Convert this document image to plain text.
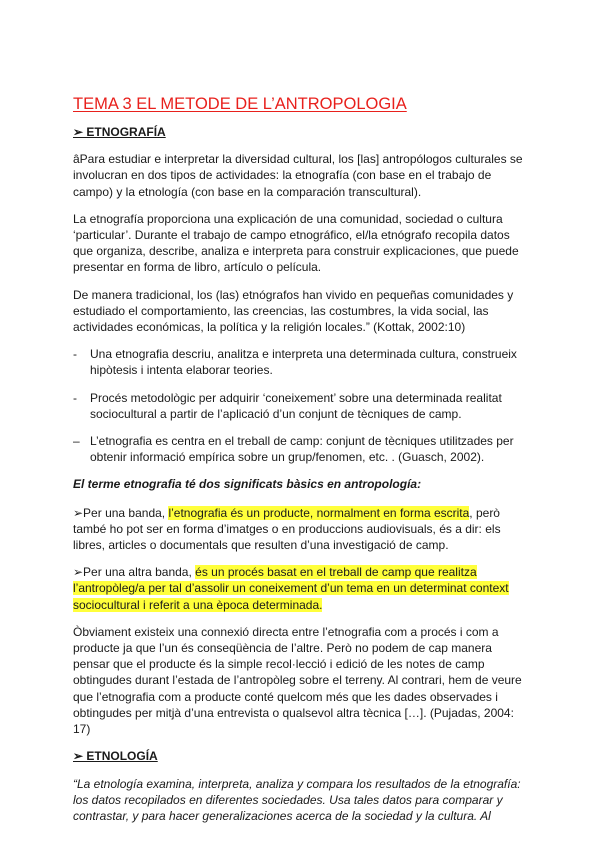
TEMA 3 EL METODE DE L’ANTROPOLOGIA
➢ ETNOGRAFÍA

âPara estudiar e interpretar la diversidad cultural, los [las] antropólogos culturales se involucran en dos tipos de actividades: la etnografía (con base en el trabajo de campo) y la etnología (con base en la comparación transcultural).

La etnografía proporciona una explicación de una comunidad, sociedad o cultura ‘particular’. Durante el trabajo de campo etnográfico, el/la etnógrafo recopila datos que organiza, describe, analiza e interpreta para construir explicaciones, que puede presentar en forma de libro, artículo o película.

De manera tradicional, los (las) etnógrafos han vivido en pequeñas comunidades y estudiado el comportamiento, las creencias, las costumbres, la vida social, las actividades económicas, la política y la religión locales.” (Kottak, 2002:10)

- Una etnografia descriu, analitza e interpreta una determinada cultura, construeix hipòtesis i intenta elaborar teories.
- Procés metodològic per adquirir ‘coneixement’ sobre una determinada realitat sociocultural a partir de l’aplicació d’un conjunt de tècniques de camp.
– L’etnografia es centra en el treball de camp: conjunt de tècniques utilitzades per obtenir informació empírica sobre un grup/fenomen, etc. . (Guasch, 2002).
El terme etnografia té dos significats bàsics en antropología:

➢Per una banda, l’etnografia és un producte, normalment en forma escrita, però també ho pot ser en forma d’imatges o en produccions audiovisuals, és a dir: els libres, articles o documentals que resulten d’una investigació de camp.

➢Per una altra banda, és un procés basat en el treball de camp que realitza l’antropòleg/a per tal d’assolir un coneixement d’un tema en un determinat context sociocultural i referit a una època determinada.

Òbviament existeix una connexió directa entre l’etnografia com a procés i com a producte ja que l’un és conseqüència de l’altre. Però no podem de cap manera pensar que el producte és la simple recol·lecció i edició de les notes de camp obtingudes durant l’estada de l’antropòleg sobre el terreny. Al contrari, hem de veure que l’etnografia com a producte conté quelcom més que les dades observades i obtingudes per mitjà d’una entrevista o qualsevol altra tècnica […]. (Pujadas, 2004: 17)

➢ ETNOLOGÍA

“La etnología examina, interpreta, analiza y compara los resultados de la etnografía: los datos recopilados en diferentes sociedades. Usa tales datos para comparar y contrastar, y para hacer generalizaciones acerca de la sociedad y la cultura. Al
